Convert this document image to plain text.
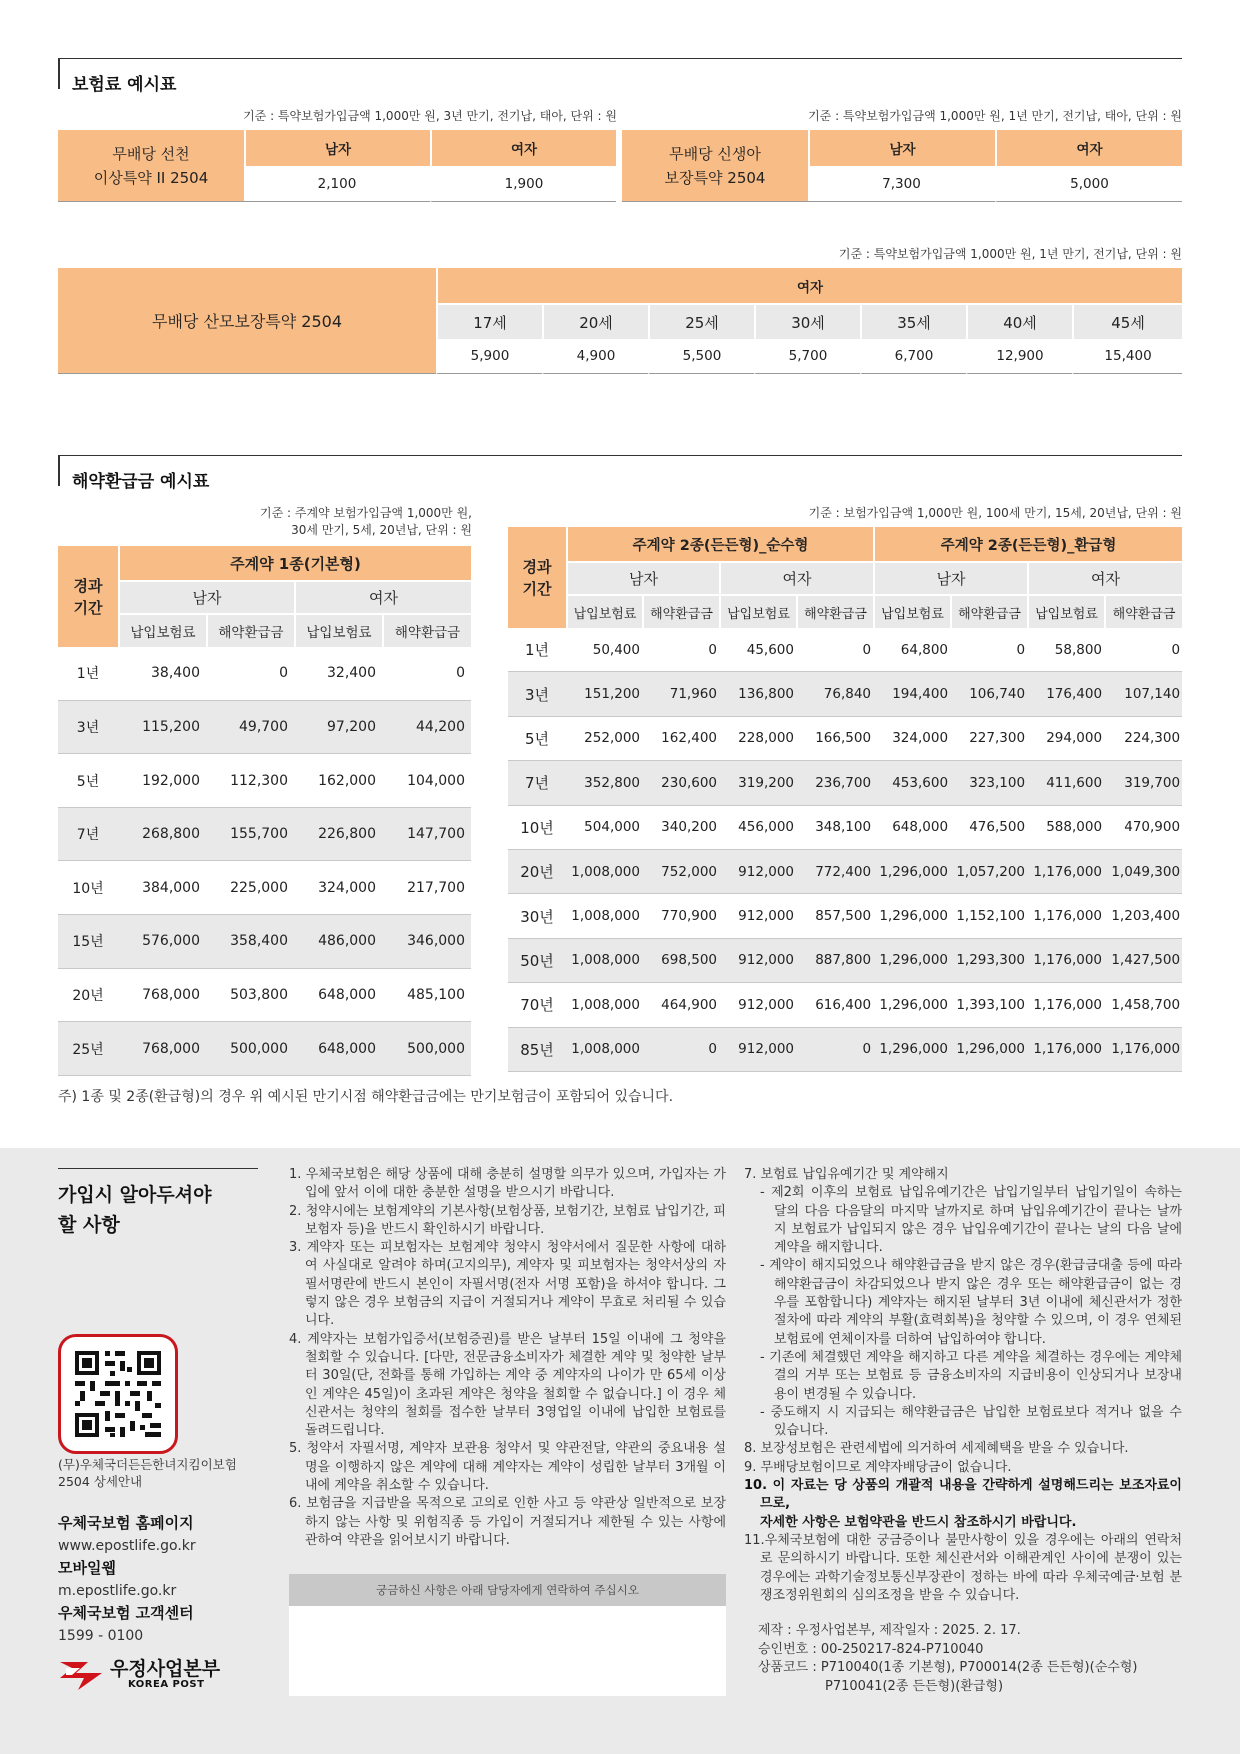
보험료 예시표
기준 : 특약보험가입금액 1,000만 원, 3년 만기, 전기납, 태아, 단위 : 원	기준 : 특약보험가입금액 1,000만 원, 1년 만기, 전기납, 태아, 단위 : 원
무배당 선천
이상특약 II 2504	남자	여자
	2,100	1,900
무배당 신생아
보장특약 2504	남자	여자
	7,300	5,000
기준 : 특약보험가입금액 1,000만 원, 1년 만기, 전기납, 단위 : 원
무배당 산모보장특약 2504	여자						
	17세	20세	25세	30세	35세	40세	45세
	5,900	4,900	5,500	5,700	6,700	12,900	15,400
해약환급금 예시표
기준 : 주계약 보험가입금액 1,000만 원,
30세 만기, 5세, 20년납, 단위 : 원
경과
기간	주계약 1종(기본형)			
	남자		여자	
	납입보험료	해약환급금	납입보험료	해약환급금
1년	38,400	0	32,400	0
3년	115,200	49,700	97,200	44,200
5년	192,000	112,300	162,000	104,000
7년	268,800	155,700	226,800	147,700
10년	384,000	225,000	324,000	217,700
15년	576,000	358,400	486,000	346,000
20년	768,000	503,800	648,000	485,100
25년	768,000	500,000	648,000	500,000
기준 : 보험가입금액 1,000만 원, 100세 만기, 15세, 20년납, 단위 : 원
경과
기간	주계약 2종(든든형)_순수형				주계약 2종(든든형)_환급형			
	남자		여자		남자		여자	
	납입보험료	해약환급금	납입보험료	해약환급금	납입보험료	해약환급금	납입보험료	해약환급금
1년	50,400	0	45,600	0	64,800	0	58,800	0
3년	151,200	71,960	136,800	76,840	194,400	106,740	176,400	107,140
5년	252,000	162,400	228,000	166,500	324,000	227,300	294,000	224,300
7년	352,800	230,600	319,200	236,700	453,600	323,100	411,600	319,700
10년	504,000	340,200	456,000	348,100	648,000	476,500	588,000	470,900
20년	1,008,000	752,000	912,000	772,400	1,296,000	1,057,200	1,176,000	1,049,300
30년	1,008,000	770,900	912,000	857,500	1,296,000	1,152,100	1,176,000	1,203,400
50년	1,008,000	698,500	912,000	887,800	1,296,000	1,293,300	1,176,000	1,427,500
70년	1,008,000	464,900	912,000	616,400	1,296,000	1,393,100	1,176,000	1,458,700
85년	1,008,000	0	912,000	0	1,296,000	1,296,000	1,176,000	1,176,000
주) 1종 및 2종(환급형)의 경우 위 예시된 만기시점 해약환급금에는 만기보험금이 포함되어 있습니다.
가입시 알아두셔야
할 사항
(무)우체국더든든한녀지킴이보험
2504 상세안내
우체국보험 홈페이지
www.epostlife.go.kr
모바일웹
m.epostlife.go.kr
우체국보험 고객센터
1599 - 0100
우정사업본부
KOREA POST

1. 우체국보험은 해당 상품에 대해 충분히 설명할 의무가 있으며, 가입자는 가입에 앞서 이에 대한 충분한 설명을 받으시기 바랍니다.

2. 청약시에는 보험계약의 기본사항(보험상품, 보험기간, 보험료 납입기간, 피보험자 등)을 반드시 확인하시기 바랍니다.

3. 계약자 또는 피보험자는 보험계약 청약시 청약서에서 질문한 사항에 대하여 사실대로 알려야 하며(고지의무), 계약자 및 피보험자는 청약서상의 자필서명란에 반드시 본인이 자필서명(전자 서명 포함)을 하셔야 합니다. 그렇지 않은 경우 보험금의 지급이 거절되거나 계약이 무효로 처리될 수 있습니다.

4. 계약자는 보험가입증서(보험증권)를 받은 날부터 15일 이내에 그 청약을 철회할 수 있습니다. [다만, 전문금융소비자가 체결한 계약 및 청약한 날부터 30일(단, 전화를 통해 가입하는 계약 중 계약자의 나이가 만 65세 이상인 계약은 45일)이 초과된 계약은 청약을 철회할 수 없습니다.] 이 경우 체신관서는 청약의 철회를 접수한 날부터 3영업일 이내에 납입한 보험료를 돌려드립니다.

5. 청약서 자필서명, 계약자 보관용 청약서 및 약관전달, 약관의 중요내용 설명을 이행하지 않은 계약에 대해 계약자는 계약이 성립한 날부터 3개월 이내에 계약을 취소할 수 있습니다.

6. 보험금을 지급받을 목적으로 고의로 인한 사고 등 약관상 일반적으로 보장하지 않는 사항 및 위험직종 등 가입이 거절되거나 제한될 수 있는 사항에 관하여 약관을 읽어보시기 바랍니다.

궁금하신 사항은 아래 담당자에게 연락하여 주십시오

7. 보험료 납입유예기간 및 계약해지

- 제2회 이후의 보험료 납입유예기간은 납입기일부터 납입기일이 속하는 달의 다음 다음달의 마지막 날까지로 하며 납입유예기간이 끝나는 날까지 보험료가 납입되지 않은 경우 납입유예기간이 끝나는 날의 다음 날에 계약을 해지합니다.

- 계약이 해지되었으나 해약환급금을 받지 않은 경우(환급금대출 등에 따라 해약환급금이 차감되었으나 받지 않은 경우 또는 해약환급금이 없는 경우를 포함합니다) 계약자는 해지된 날부터 3년 이내에 체신관서가 정한 절차에 따라 계약의 부활(효력회복)을 청약할 수 있으며, 이 경우 연체된 보험료에 연체이자를 더하여 납입하여야 합니다.

- 기존에 체결했던 계약을 해지하고 다른 계약을 체결하는 경우에는 계약체결의 거부 또는 보험료 등 금융소비자의 지급비용이 인상되거나 보장내용이 변경될 수 있습니다.

- 중도해지 시 지급되는 해약환급금은 납입한 보험료보다 적거나 없을 수 있습니다.

8. 보장성보험은 관련세법에 의거하여 세제혜택을 받을 수 있습니다.

9. 무배당보험이므로 계약자배당금이 없습니다.

10. 이 자료는 당 상품의 개괄적 내용을 간략하게 설명해드리는 보조자료이므로,
자세한 사항은 보험약관을 반드시 참조하시기 바랍니다.

11.우체국보험에 대한 궁금증이나 불만사항이 있을 경우에는 아래의 연락처로 문의하시기 바랍니다. 또한 체신관서와 이해관계인 사이에 분쟁이 있는 경우에는 과학기술정보통신부장관이 정하는 바에 따라 우체국예금·보험 분쟁조정위원회의 심의조정을 받을 수 있습니다.

제작 : 우정사업본부, 제작일자 : 2025. 2. 17.
승인번호 : 00-250217-824-P710040
상품코드 : P710040(1종 기본형), P700014(2종 든든형)(순수형)
P710041(2종 든든형)(환급형)
